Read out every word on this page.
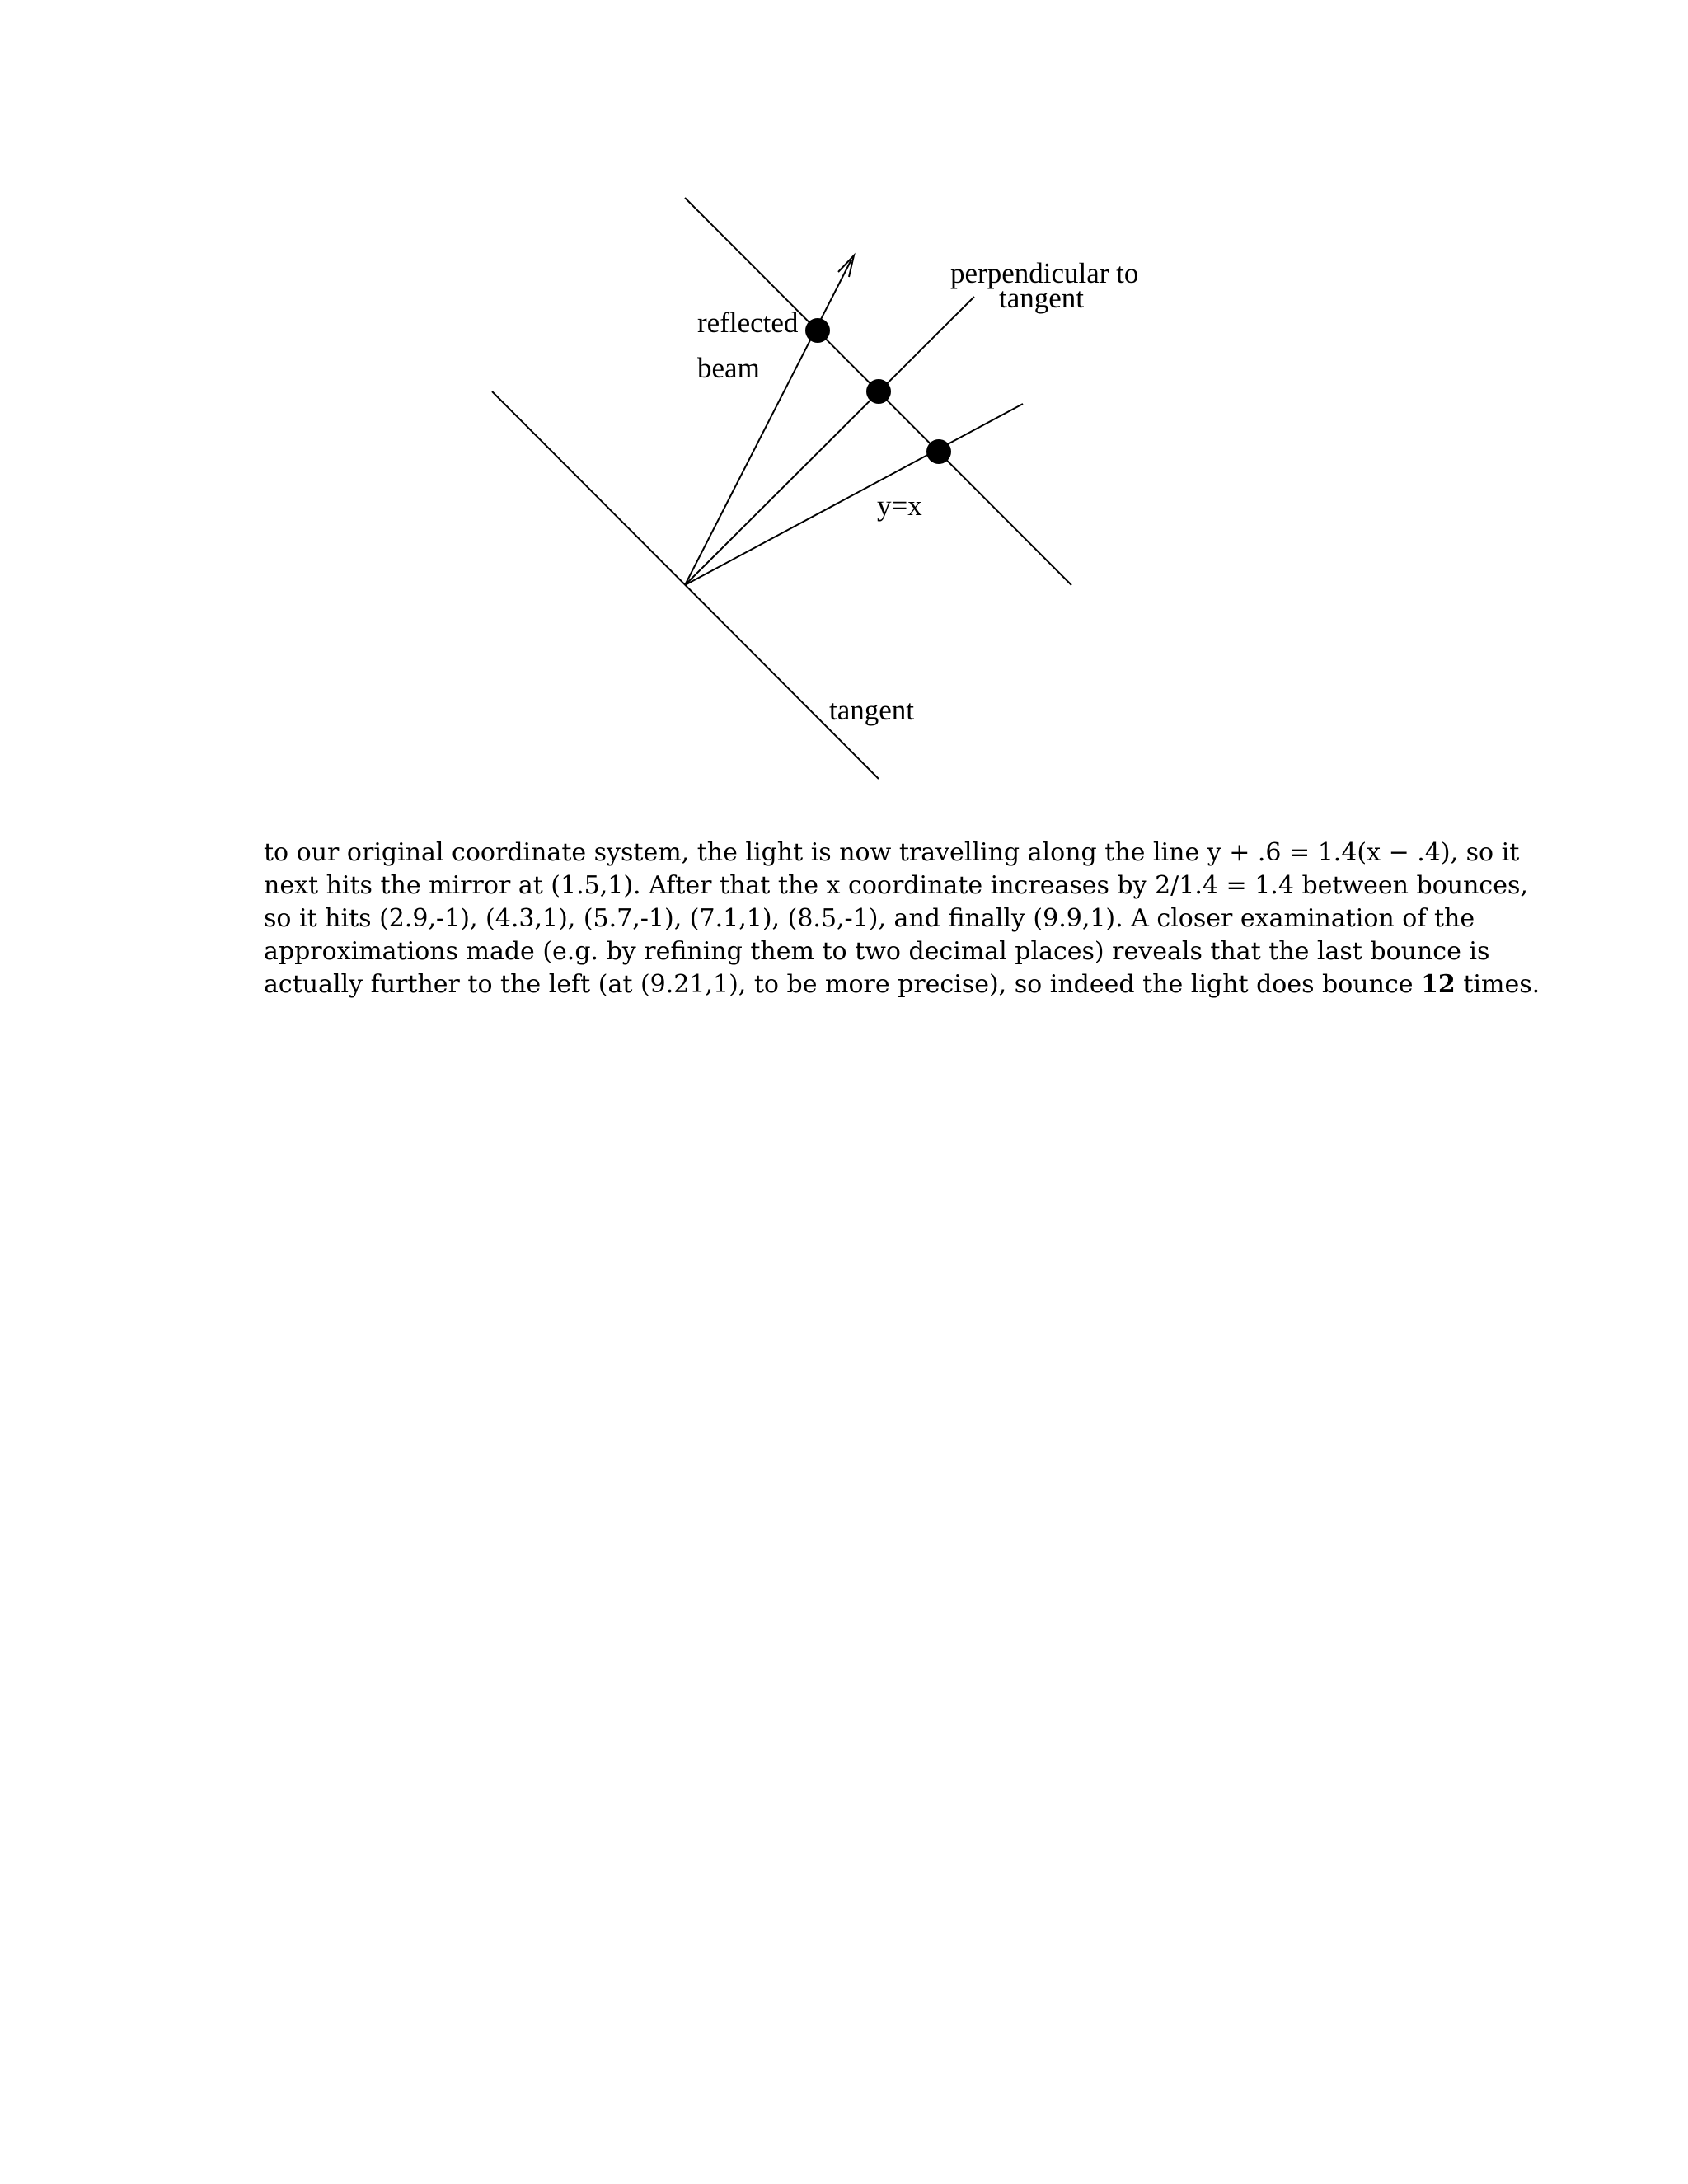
reflected
beam
perpendicular to
tangent
y=x
tangent
to our original coordinate system, the light is now travelling along the line y + .6 = 1.4(x − .4), so it
next hits the mirror at (1.5,1). After that the x coordinate increases by 2/1.4 = 1.4 between bounces,
so it hits (2.9,-1), (4.3,1), (5.7,-1), (7.1,1), (8.5,-1), and finally (9.9,1). A closer examination of the
approximations made (e.g. by refining them to two decimal places) reveals that the last bounce is
actually further to the left (at (9.21,1), to be more precise), so indeed the light does bounce 12 times.
